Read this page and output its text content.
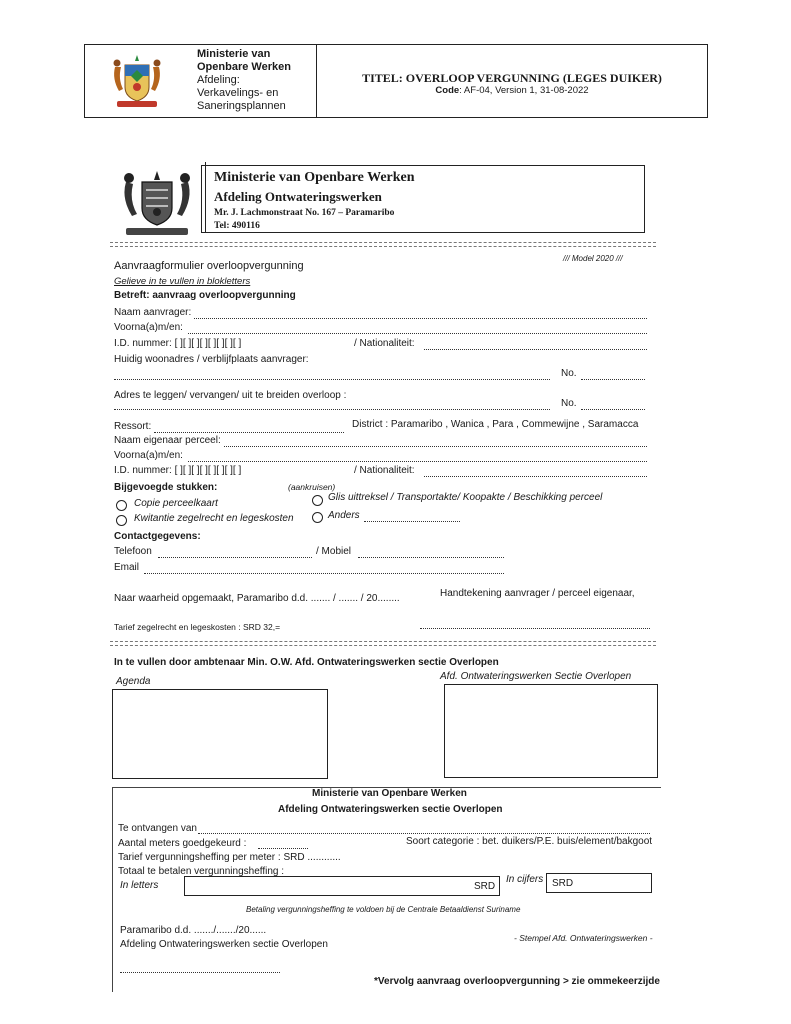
Ministerie van
Openbare Werken
Afdeling:
Verkavelings- en
Saneringsplannen
TITEL: OVERLOOP VERGUNNING (LEGES DUIKER)
Code: AF-04, Version 1, 31-08-2022
Ministerie van Openbare Werken
Afdeling Ontwateringswerken
Mr. J. Lachmonstraat No. 167 – Paramaribo
Tel: 490116
Aanvraagformulier overloopvergunning
/// Model 2020 ///
Gelieve in te vullen in blokletters
Betreft: aanvraag overloopvergunning
Naam aanvrager:
Voorna(a)m/en:
I.D. nummer: [ ][ ][ ][ ][ ][ ][ ][ ]	/ Nationaliteit:
Huidig woonadres / verblijfplaats aanvrager:
No.
Adres te leggen/ vervangen/ uit te breiden overloop :
No.
Ressort:	District : Paramaribo , Wanica , Para , Commewijne , Saramacca
Naam eigenaar perceel:
Voorna(a)m/en:
I.D. nummer: [ ][ ][ ][ ][ ][ ][ ][ ]	/ Nationaliteit:
Bijgevoegde stukken:	(aankruisen)
Copie perceelkaart
Glis uittreksel / Transportakte/ Koopakte / Beschikking perceel
Kwitantie zegelrecht en legeskosten	Anders
Contactgegevens:
Telefoon	/ Mobiel
Email
Naar waarheid opgemaakt, Paramaribo d.d. ....... / ....... / 20........	Handtekening aanvrager / perceel eigenaar,
Tarief zegelrecht en legeskosten : SRD 32,=
In te vullen door ambtenaar Min. O.W. Afd. Ontwateringswerken sectie Overlopen
Agenda	Afd. Ontwateringswerken Sectie Overlopen
Ministerie van Openbare Werken
Afdeling Ontwateringswerken sectie Overlopen
Te ontvangen van
Aantal meters goedgekeurd :	Soort categorie : bet. duikers/P.E. buis/element/bakgoot
Tarief vergunningsheffing per meter : SRD ............
Totaal te betalen vergunningsheffing :
In letters	SRD
In cijfers SRD
Betaling vergunningsheffing te voldoen bij de Centrale Betaaldienst Suriname
Paramaribo d.d. ......./......./20......
Afdeling Ontwateringswerken sectie Overlopen
- Stempel Afd. Ontwateringswerken -
*Vervolg aanvraag overloopvergunning > zie ommekeerzijde
